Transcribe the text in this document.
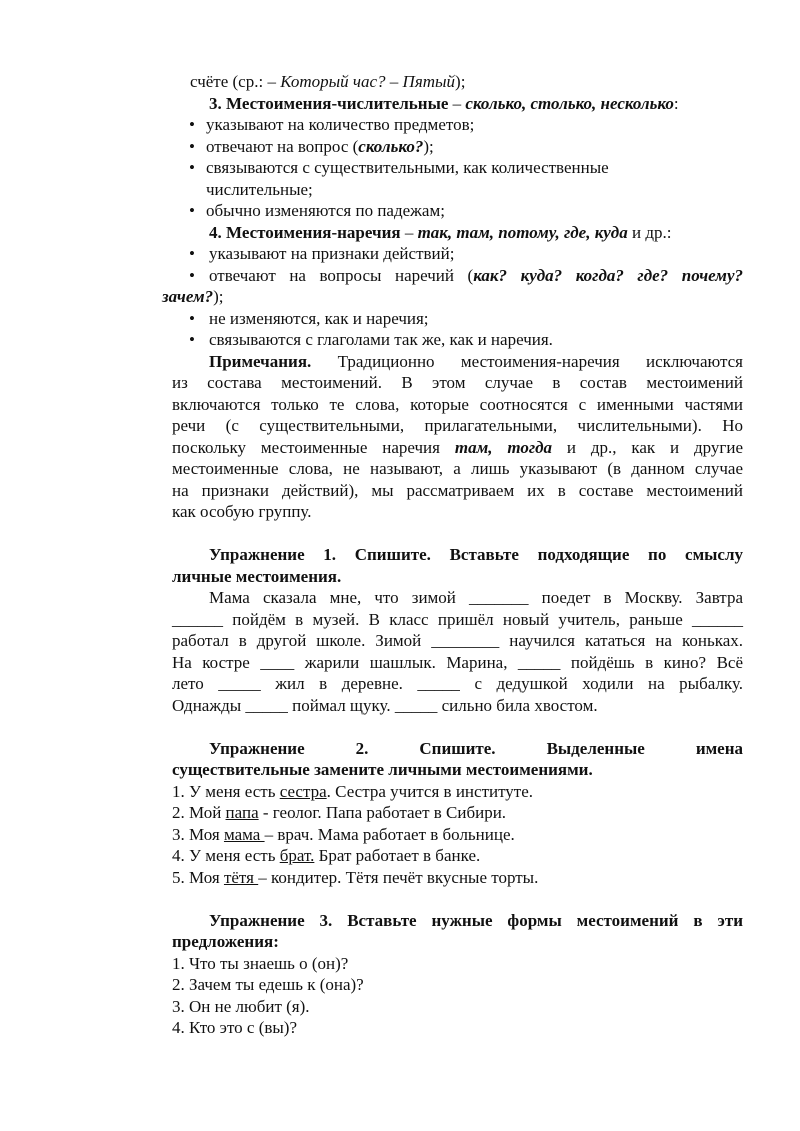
счёте (ср.: – Который час? – Пятый);
3. Местоимения-числительные – сколько, столько, несколько:
• указывают на количество предметов;
• отвечают на вопрос (сколько?);
• связываются с существительными, как количественные
числительные;
• обычно изменяются по падежам;
4. Местоимения-наречия – так, там, потому, где, куда и др.:
• указывают на признаки действий;
• отвечают на вопросы наречий (как? куда? когда? где? почему?
зачем?);
• не изменяются, как и наречия;
• связываются с глаголами так же, как и наречия.
Примечания. Традиционно местоимения-наречия исключаются
из состава местоимений. В этом случае в состав местоимений
включаются только те слова, которые соотносятся с именными частями
речи (с существительными, прилагательными, числительными). Но
поскольку местоименные наречия там, тогда и др., как и другие
местоименные слова, не называют, а лишь указывают (в данном случае
на признаки действий), мы рассматриваем их в составе местоимений
как особую группу.
Упражнение 1. Спишите. Вставьте подходящие по смыслу
личные местоимения.
Мама сказала мне, что зимой _______ поедет в Москву. Завтра
______ пойдём в музей. В класс пришёл новый учитель, раньше ______
работал в другой школе. Зимой ________ научился кататься на коньках.
На костре ____ жарили шашлык. Марина, _____ пойдёшь в кино? Всё
лето _____ жил в деревне. _____ с дедушкой ходили на рыбалку.
Однажды _____ поймал щуку. _____ сильно била хвостом.
Упражнение	2.	Спишите.	Выделенные	имена
существительные замените личными местоимениями.
1. У меня есть сестра. Сестра учится в институте.
2. Мой папа - геолог. Папа работает в Сибири.
3. Моя мама – врач. Мама работает в больнице.
4. У меня есть брат. Брат работает в банке.
5. Моя тётя – кондитер. Тётя печёт вкусные торты.
Упражнение 3. Вставьте нужные формы местоимений в эти
предложения:
1. Что ты знаешь о (он)?
2. Зачем ты едешь к (она)?
3. Он не любит (я).
4. Кто это с (вы)?
